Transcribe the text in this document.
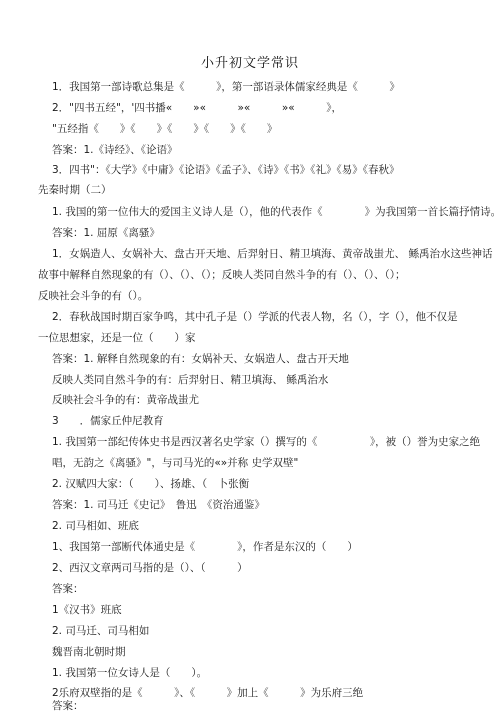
小升初文学常识
1．我国第一部诗歌总集是《　　　》，第一部语录体儒家经典是《　　　》
2．"四书五经"，'四书播«　　»«　　　»«　　　»«　　　》，
"五经指《　　》《　　》《　　》《　　》《　　》
答案：1.《诗经》、《论语》
3．四书"：《大学》《中庸》《论语》《孟子》、《诗》《书》《礼》《易》《春秋》
先秦时期（二）
1. 我国的第一位伟大的爱国主义诗人是（），他的代表作《　　　　》为我国第一首长篇抒情诗。
答案：1. 屈原《离骚》
1．女娲造人、女娲补大、盘古开天地、后羿射日、精卫填海、黄帝战蚩尤、 鲧禹治水这些神话
故事中解释自然现象的有（）、（）、（）；反映人类同自然斗争的有（）、（）、（）；
反映社会斗争的有（）。
2．春秋战国时期百家争鸣，其中孔子是（）学派的代表人物，名（），字（），他不仅是
一位思想家，还是一位（　　）家
答案：1. 解释自然现象的有：女娲补天、女娲造人、盘古开天地
反映人类同自然斗争的有：后羿射日、精卫填海、 鲧禹治水
反映社会斗争的有：黄帝战蚩尤
3　　．儒家丘仲尼教育
1. 我国第一部纪传体史书是西汉著名史学家（）撰写的《　　　　　》，被（）誉为史家之绝
唱，无韵之《离骚》"，与司马光的«»并称 史学双壁"
2. 汉赋四大家：（　　）、扬雄、（　卜张衡
答案：1. 司马迁《史记》　鲁迅　《资治通鉴》
2. 司马相如、班底
1、我国第一部断代体通史是《　　　　》，作者是东汉的（　　）
2、西汉文章两司马指的是（）、（　　　）
答案：
1《汉书》班底
2. 司马迁、司马相如
魏晋南北朝时期
1. 我国第一位女诗人是（　　）。
2乐府双壁指的是《　　　》、《　　　》加上《　　　》为乐府三绝
答案：
